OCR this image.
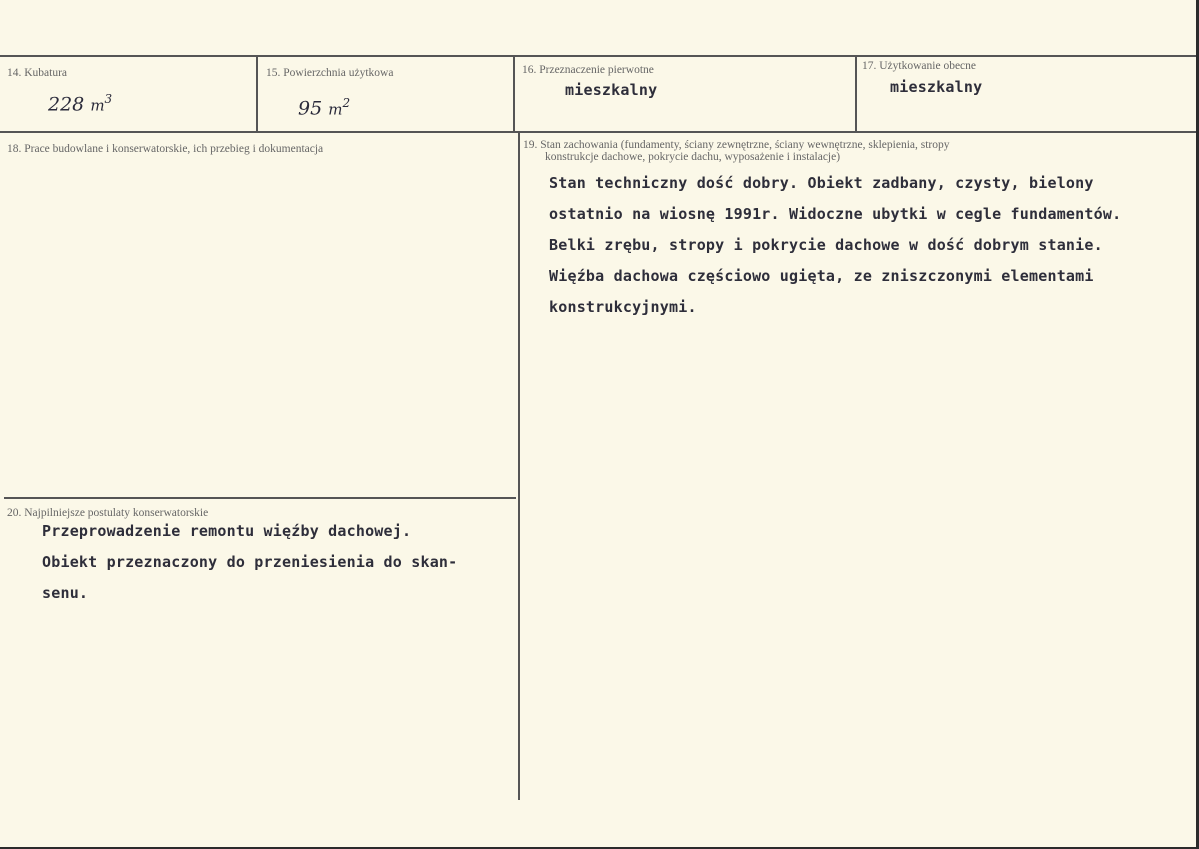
14. Kubatura
228 $m^3$
15. Powierzchnia użytkowa
95 $m^2$
16. Przeznaczenie pierwotne
mieszkalny
17. Użytkowanie obecne
mieszkalny
18. Prace budowlane i konserwatorskie, ich przebieg i dokumentacja	19. Stan zachowania (fundamenty, ściany zewnętrzne, ściany wewnętrzne, sklepienia, stropy
konstrukcje dachowe, pokrycie dachu, wyposażenie i instalacje)
Stan techniczny dość dobry. Obiekt zadbany, czysty, bielony
ostatnio na wiosnę 1991r. Widoczne ubytki w cegle fundamentów.
Belki zrębu, stropy i pokrycie dachowe w dość dobrym stanie.
Więźba dachowa częściowo ugięta, ze zniszczonymi elementami
konstrukcyjnymi.
20. Najpilniejsze postulaty konserwatorskie
Przeprowadzenie remontu więźby dachowej.
Obiekt przeznaczony do przeniesienia do skan-
senu.
